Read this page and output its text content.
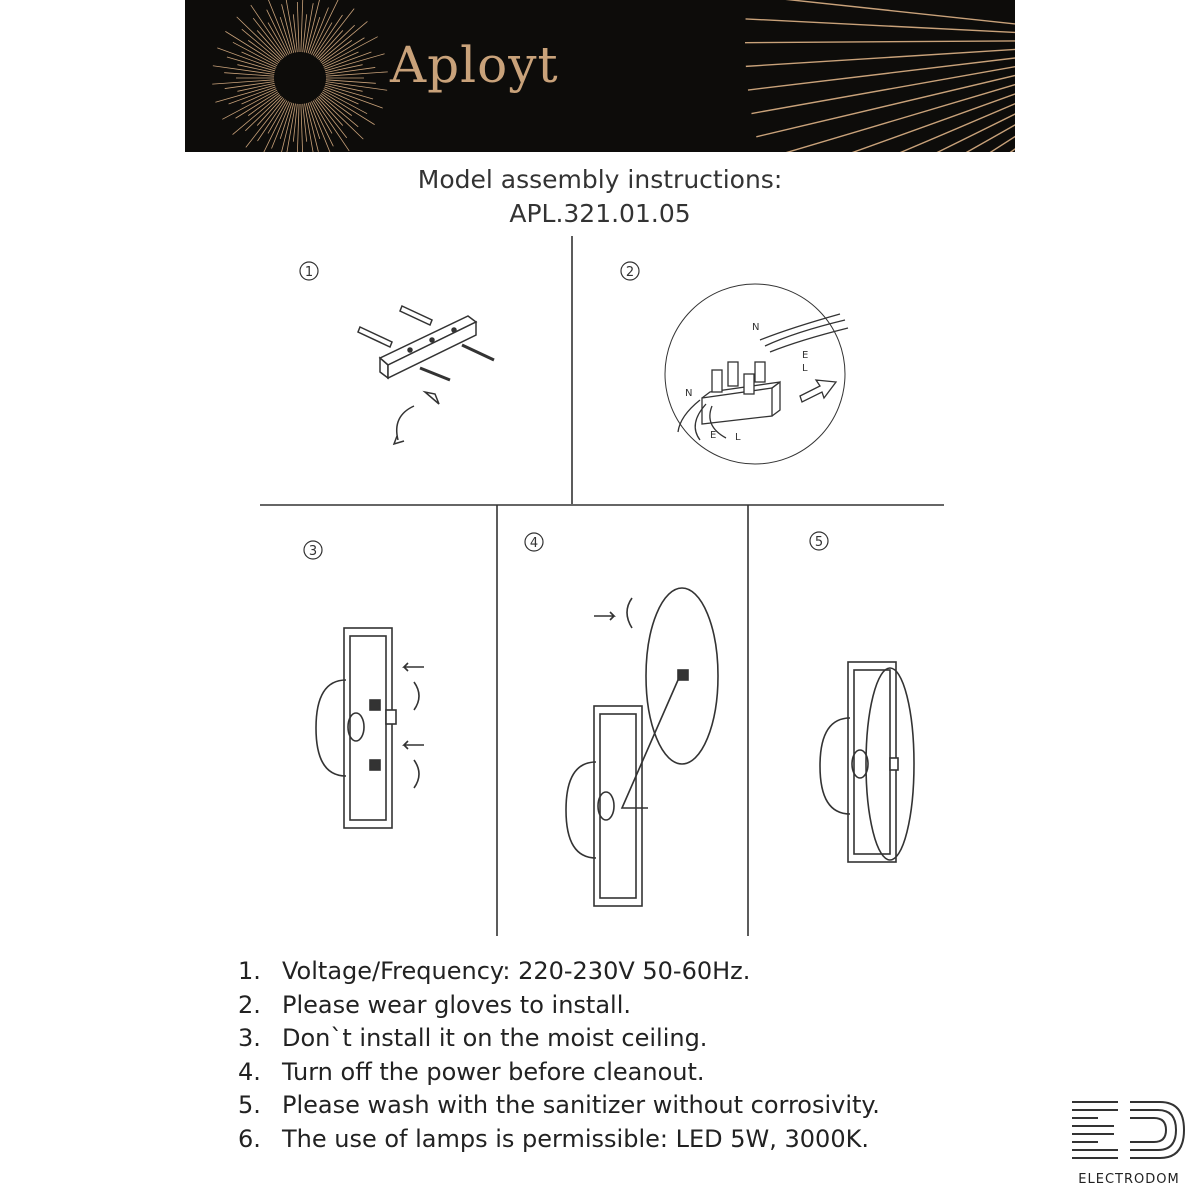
Aployt
Model assembly instructions:
APL.321.01.05
1	2
3
4	5
N
E
L
N
E L
1. Voltage/Frequency: 220-230V 50-60Hz.
2. Please wear gloves to install.
3. Don`t install it on the moist ceiling.
4. Turn off the power before cleanout.
5. Please wash with the sanitizer without corrosivity.
6. The use of lamps is permissible: LED 5W, 3000K.
ELECTRODOM
